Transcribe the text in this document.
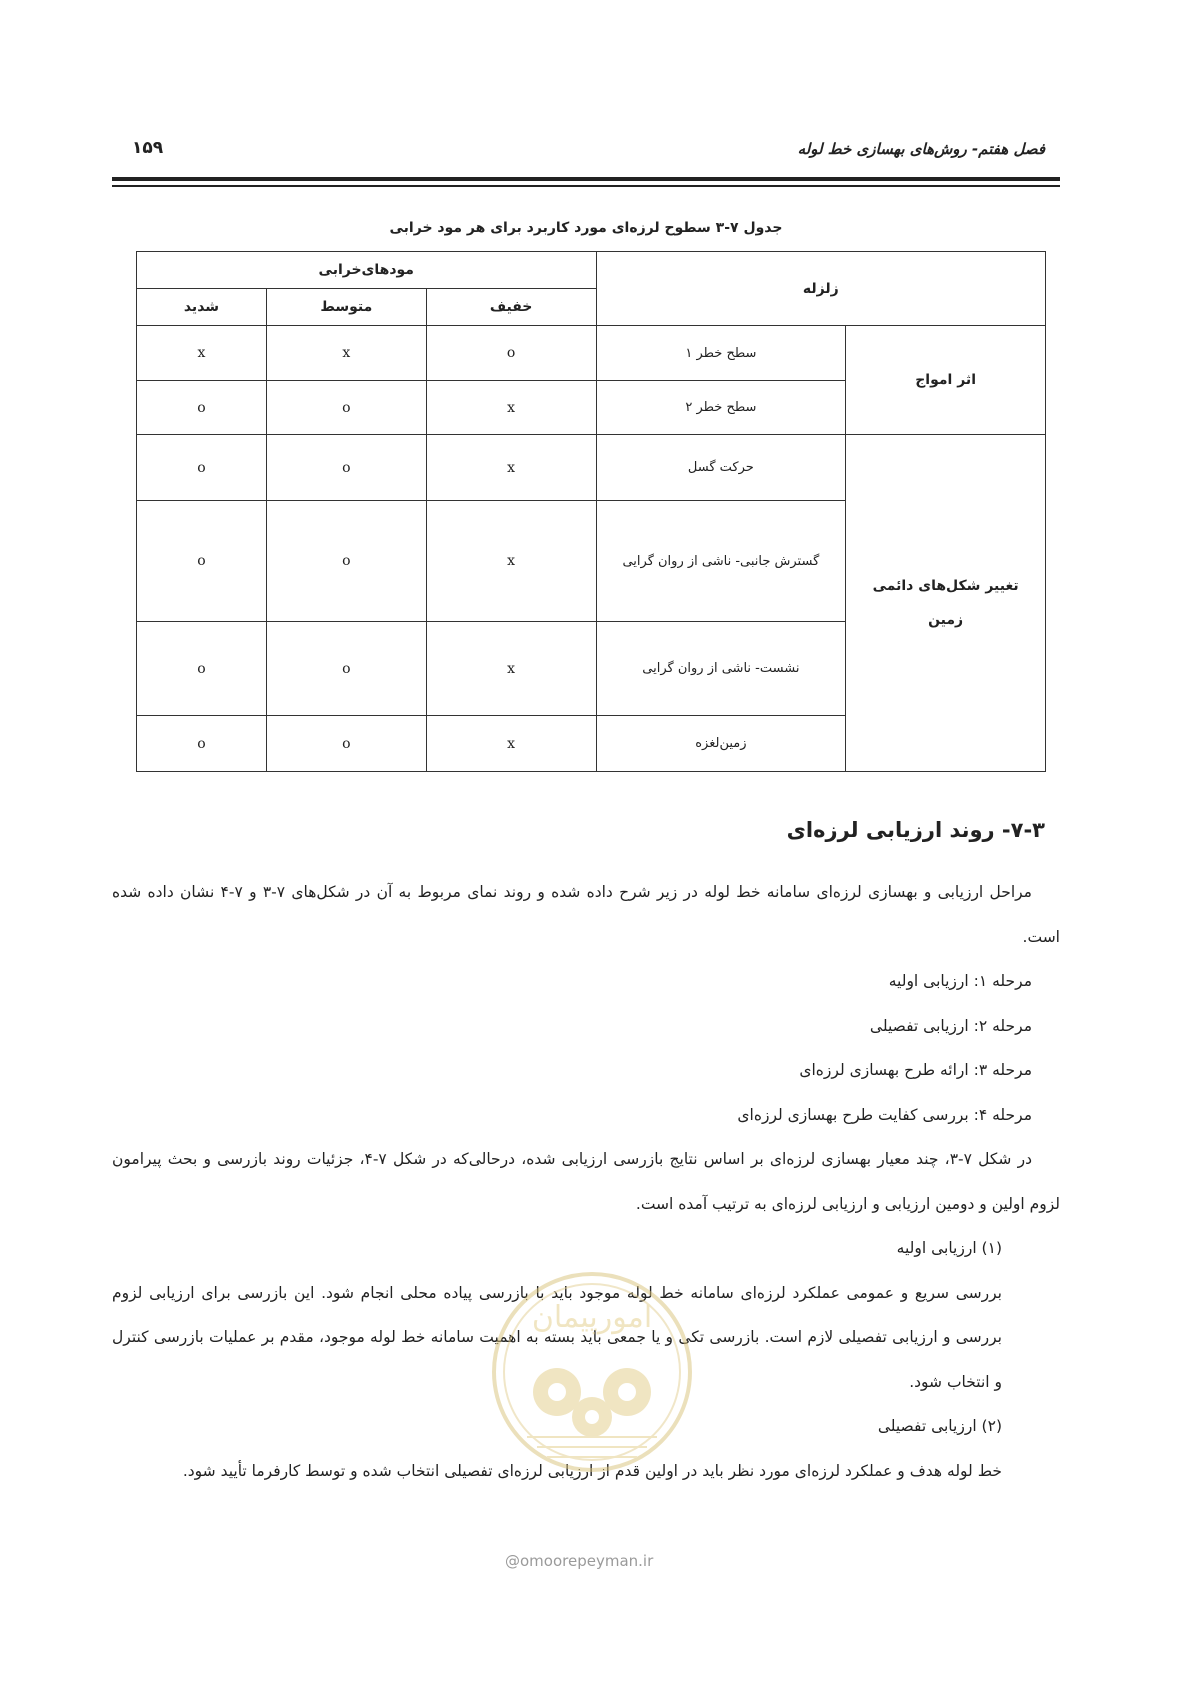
فصل هفتم- روش‌های بهسازی خط لوله
۱۵۹
جدول ۷-۳ سطوح لرزه‌ای مورد کاربرد برای هر مود خرابی
زلزله		مودهای‌خرابی		
		خفیف	متوسط	شدید
اثر امواج	سطح خطر ۱	o	x	x
	سطح خطر ۲	x	o	o
تغییر شکل‌های دائمی
زمین	حرکت گسل	x	o	o
	گسترش جانبی- ناشی از روان گرایی	x	o	o
	نشست- ناشی از روان گرایی	x	o	o
	زمین‌لغزه	x	o	o
۷-۳- روند ارزیابی لرزه‌ای

مراحل ارزیابی و بهسازی لرزه‌ای سامانه خط لوله در زیر شرح داده شده و روند نمای مربوط به آن در شکل‌های ۷-۳ و ۷-۴ نشان داده شده است.

مرحله ۱: ارزیابی اولیه

مرحله ۲: ارزیابی تفصیلی

مرحله ۳: ارائه طرح بهسازی لرزه‌ای

مرحله ۴: بررسی کفایت طرح بهسازی لرزه‌ای

در شکل ۷-۳، چند معیار بهسازی لرزه‌ای بر اساس نتایج بازرسی ارزیابی شده، درحالی‌که در شکل ۷-۴، جزئیات روند بازرسی و بحث پیرامون لزوم اولین و دومین ارزیابی و ارزیابی لرزه‌ای به ترتیب آمده است.

(۱) ارزیابی اولیه

بررسی سریع و عمومی عملکرد لرزه‌ای سامانه خط لوله موجود باید با بازرسی پیاده محلی انجام شود. این بازرسی برای ارزیابی لزوم بررسی و ارزیابی تفصیلی لازم است. بازرسی تکی و یا جمعی باید بسته به اهمیت سامانه خط لوله موجود، مقدم بر عملیات بازرسی کنترل و انتخاب شود.

(۲) ارزیابی تفصیلی

خط لوله هدف و عملکرد لرزه‌ای مورد نظر باید در اولین قدم از ارزیابی لرزه‌ای تفصیلی انتخاب شده و توسط کارفرما تأیید شود.

امورپیمان
@omoorepeyman.ir
